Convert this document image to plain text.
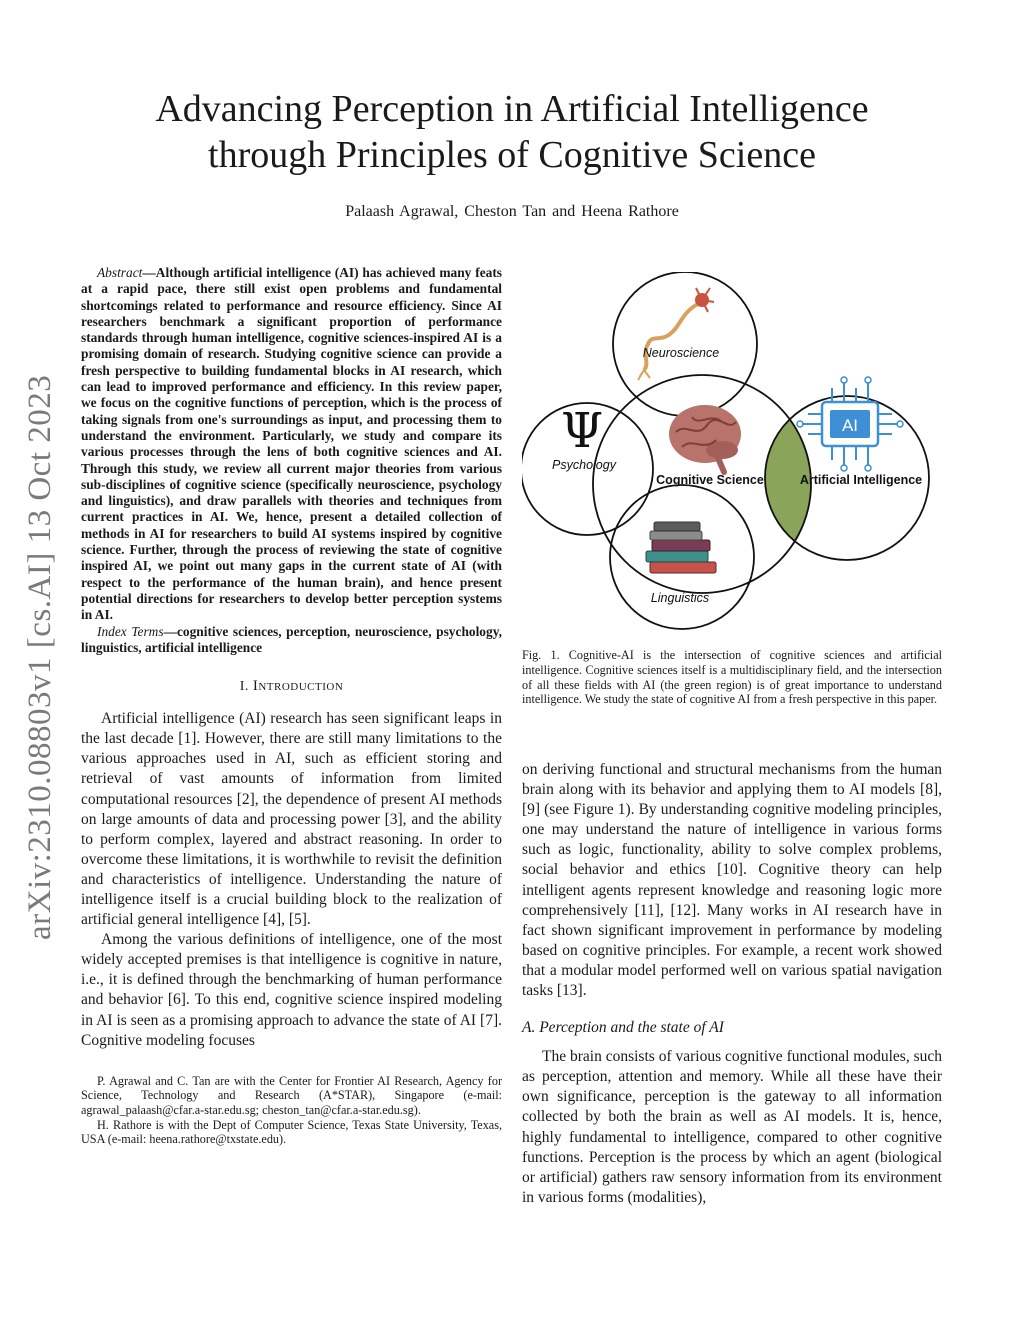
arXiv:2310.08803v1 [cs.AI] 13 Oct 2023
Advancing Perception in Artificial Intelligence
through Principles of Cognitive Science
Palaash Agrawal, Cheston Tan and Heena Rathore

Abstract—Although artificial intelligence (AI) has achieved many feats at a rapid pace, there still exist open problems and fundamental shortcomings related to performance and resource efficiency. Since AI researchers benchmark a significant proportion of performance standards through human intelligence, cognitive sciences-inspired AI is a promising domain of research. Studying cognitive science can provide a fresh perspective to building fundamental blocks in AI research, which can lead to improved performance and efficiency. In this review paper, we focus on the cognitive functions of perception, which is the process of taking signals from one's surroundings as input, and processing them to understand the environment. Particularly, we study and compare its various processes through the lens of both cognitive sciences and AI. Through this study, we review all current major theories from various sub-disciplines of cognitive science (specifically neuroscience, psychology and linguistics), and draw parallels with theories and techniques from current practices in AI. We, hence, present a detailed collection of methods in AI for researchers to build AI systems inspired by cognitive science. Further, through the process of reviewing the state of cognitive inspired AI, we point out many gaps in the current state of AI (with respect to the performance of the human brain), and hence present potential directions for researchers to develop better perception systems in AI.

Index Terms—cognitive sciences, perception, neuroscience, psychology, linguistics, artificial intelligence

I. Introduction

Artificial intelligence (AI) research has seen significant leaps in the last decade [1]. However, there are still many limitations to the various approaches used in AI, such as efficient storing and retrieval of vast amounts of information from limited computational resources [2], the dependence of present AI methods on large amounts of data and processing power [3], and the ability to perform complex, layered and abstract reasoning. In order to overcome these limitations, it is worthwhile to revisit the definition and characteristics of intelligence. Understanding the nature of intelligence itself is a crucial building block to the realization of artificial general intelligence [4], [5].

Among the various definitions of intelligence, one of the most widely accepted premises is that intelligence is cognitive in nature, i.e., it is defined through the benchmarking of human performance and behavior [6]. To this end, cognitive science inspired modeling in AI is seen as a promising approach to advance the state of AI [7]. Cognitive modeling focuses

P. Agrawal and C. Tan are with the Center for Frontier AI Research, Agency for Science, Technology and Research (A*STAR), Singapore (e-mail: agrawal_palaash@cfar.a-star.edu.sg; cheston_tan@cfar.a-star.edu.sg).

H. Rathore is with the Dept of Computer Science, Texas State University, Texas, USA (e-mail: heena.rathore@txstate.edu).

AI
Ψ
Neuroscience
Psychology
Cognitive Science	Artificial Intelligence
Linguistics
Fig. 1. Cognitive-AI is the intersection of cognitive sciences and artificial intelligence. Cognitive sciences itself is a multidisciplinary field, and the intersection of all these fields with AI (the green region) is of great importance to understand intelligence. We study the state of cognitive AI from a fresh perspective in this paper.

on deriving functional and structural mechanisms from the human brain along with its behavior and applying them to AI models [8], [9] (see Figure 1). By understanding cognitive modeling principles, one may understand the nature of intelligence in various forms such as logic, functionality, ability to solve complex problems, social behavior and ethics [10]. Cognitive theory can help intelligent agents represent knowledge and reasoning logic more comprehensively [11], [12]. Many works in AI research have in fact shown significant improvement in performance by modeling based on cognitive principles. For example, a recent work showed that a modular model performed well on various spatial navigation tasks [13].

A. Perception and the state of AI

The brain consists of various cognitive functional modules, such as perception, attention and memory. While all these have their own significance, perception is the gateway to all information collected by both the brain as well as AI models. It is, hence, highly fundamental to intelligence, compared to other cognitive functions. Perception is the process by which an agent (biological or artificial) gathers raw sensory information from its environment in various forms (modalities),
